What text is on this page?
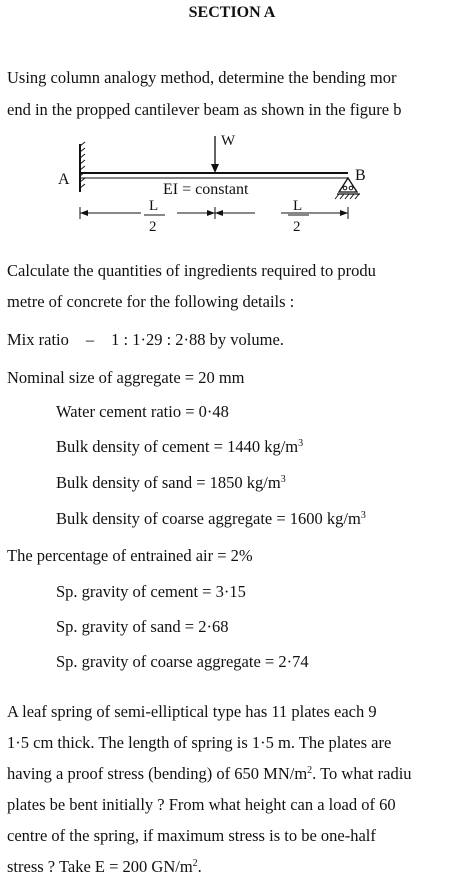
SECTION A
Using column analogy method, determine the bending mor
end in the propped cantilever beam as shown in the figure b
W
A	B
EI = constant
L
2
L
2
Calculate the quantities of ingredients required to produ
metre of concrete for the following details :
Mix ratio – 1 : 1·29 : 2·88 by volume.
Nominal size of aggregate = 20 mm
Water cement ratio = 0·48
Bulk density of cement = 1440 $kg/m^3$
Bulk density of sand = 1850 $kg/m^3$
Bulk density of coarse aggregate = 1600 $kg/m^3$
The percentage of entrained air = 2%
Sp. gravity of cement = 3·15
Sp. gravity of sand = 2·68
Sp. gravity of coarse aggregate = 2·74
A leaf spring of semi-elliptical type has 11 plates each 9
1·5 cm thick. The length of spring is 1·5 m. The plates are
having a proof stress (bending) of 650 $MN/m^2$. To what radiu
plates be bent initially ? From what height can a load of 60
centre of the spring, if maximum stress is to be one-half
stress ? Take E = 200 $GN/m^2$.
